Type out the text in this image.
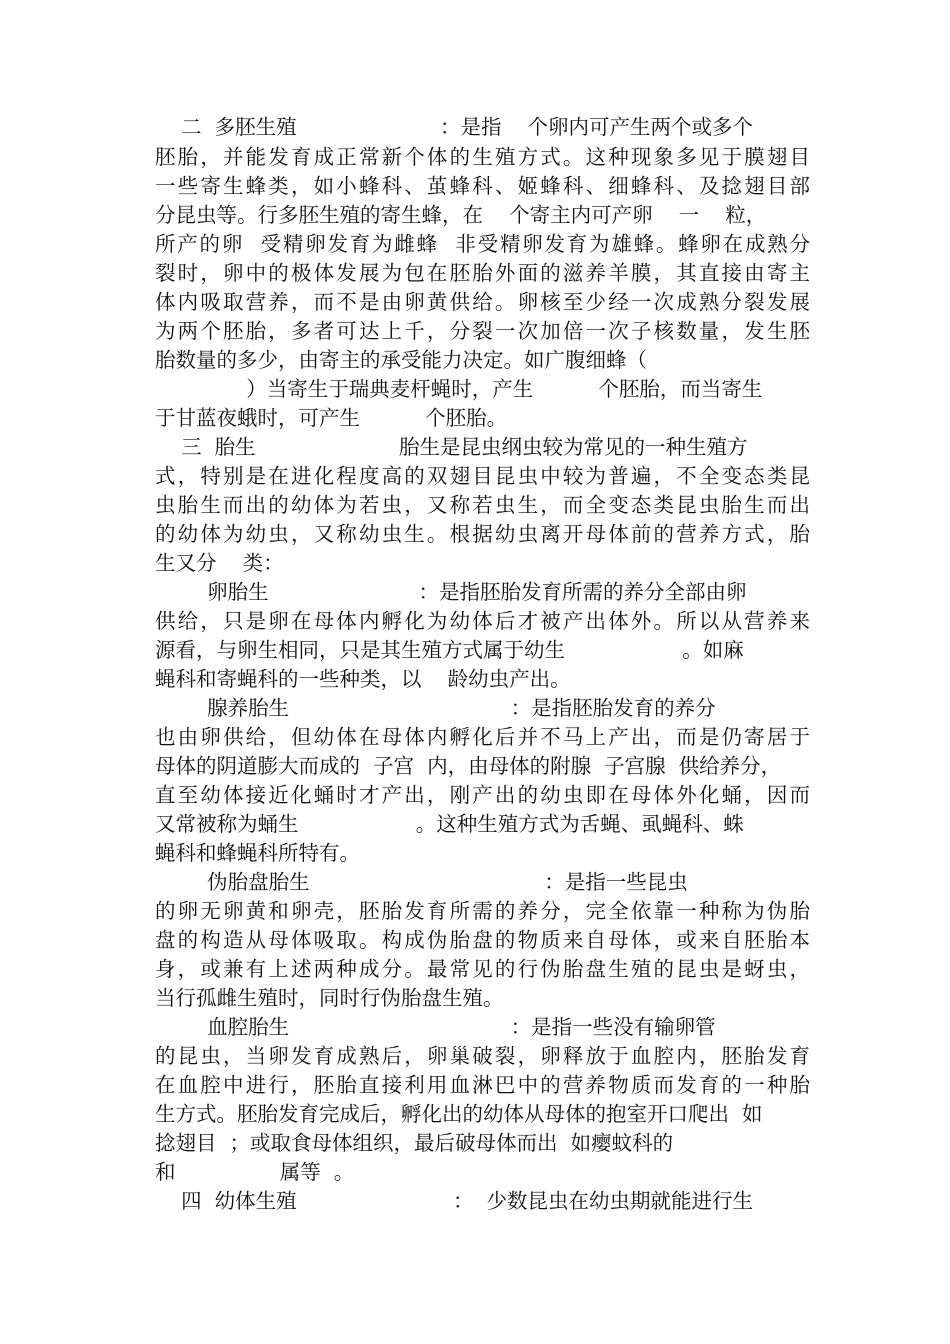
二  多胚生殖                      ：是指    个卵内可产生两个或多个
胚胎，并能发育成正常新个体的生殖方式。这种现象多见于膜翅目
一些寄生蜂类，如小蜂科、茧蜂科、姬蜂科、细蜂科、及捻翅目部
分昆虫等。行多胚生殖的寄生蜂，在    个寄主内可产卵    一    粒，
所产的卵  受精卵发育为雌蜂  非受精卵发育为雄蜂。蜂卵在成熟分
裂时，卵中的极体发展为包在胚胎外面的滋养羊膜，其直接由寄主
体内吸取营养，而不是由卵黄供给。卵核至少经一次成熟分裂发展
为两个胚胎，多者可达上千，分裂一次加倍一次子核数量，发生胚
胎数量的多少，由寄主的承受能力决定。如广腹细蜂（
）当寄生于瑞典麦杆蝇时，产生          个胚胎，而当寄生
于甘蓝夜蛾时，可产生          个胚胎。
三  胎生                      胎生是昆虫纲虫较为常见的一种生殖方
式，特别是在进化程度高的双翅目昆虫中较为普遍，不全变态类昆
虫胎生而出的幼体为若虫，又称若虫生，而全变态类昆虫胎生而出
的幼体为幼虫，又称幼虫生。根据幼虫离开母体前的营养方式，胎
生又分    类：
卵胎生                       ：是指胚胎发育所需的养分全部由卵
供给，只是卵在母体内孵化为幼体后才被产出体外。所以从营养来
源看，与卵生相同，只是其生殖方式属于幼生                  。如麻
蝇科和寄蝇科的一些种类，以    龄幼虫产出。
腺养胎生                                  ：是指胚胎发育的养分
也由卵供给，但幼体在母体内孵化后并不马上产出，而是仍寄居于
母体的阴道膨大而成的  子宫  内，由母体的附腺  子宫腺  供给养分，
直至幼体接近化蛹时才产出，刚产出的幼虫即在母体外化蛹，因而
又常被称为蛹生                  。这种生殖方式为舌蝇、虱蝇科、蛛
蝇科和蜂蝇科所特有。
伪胎盘胎生                                    ：是指一些昆虫
的卵无卵黄和卵壳，胚胎发育所需的养分，完全依靠一种称为伪胎
盘的构造从母体吸取。构成伪胎盘的物质来自母体，或来自胚胎本
身，或兼有上述两种成分。最常见的行伪胎盘生殖的昆虫是蚜虫，
当行孤雌生殖时，同时行伪胎盘生殖。
血腔胎生                                  ：是指一些没有输卵管
的昆虫，当卵发育成熟后，卵巢破裂，卵释放于血腔内，胚胎发育
在血腔中进行，胚胎直接利用血淋巴中的营养物质而发育的一种胎
生方式。胚胎发育完成后，孵化出的幼体从母体的抱室开口爬出  如
捻翅目  ；或取食母体组织，最后破母体而出  如瘿蚊科的
和                属等  。
四  幼体生殖                        ：  少数昆虫在幼虫期就能进行生
